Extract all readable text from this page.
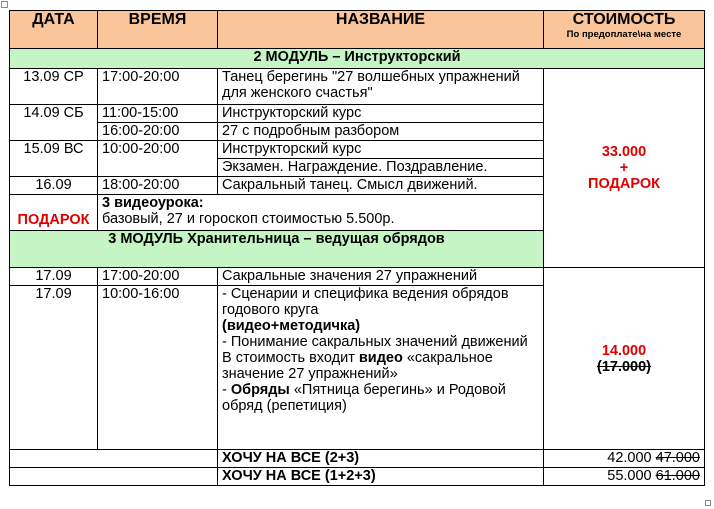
ДАТА	ВРЕМЯ	НАЗВАНИЕ	СТОИМОСТЬ
По предоплате\на месте

2 МОДУЛЬ – Инструкторский			
13.09 СР	17:00-20:00	Танец берегинь "27 волшебных упражнений для женского счастья"	33.000
+
ПОДАРОК

14.09 СБ	11:00-15:00	Инструкторский курс	
	16:00-20:00	27 с подробным разбором	
15.09 ВС	10:00-20:00	Инструкторский курс	
		Экзамен. Награждение. Поздравление.	
16.09	18:00-20:00	Сакральный танец. Смысл движений.	
ПОДАРОК	3 видеоурока:
базовый, 27 и гороскоп стоимостью 5.500р.		

3 МОДУЛЬ Хранительница – ведущая обрядов			
17.09	17:00-20:00	Сакральные значения 27 упражнений	14.000
(17.000)

17.09	10:00-16:00	- Сценарии и специфика ведения обрядов годового круга
(видео+методичка)
- Понимание сакральных значений движений
В стоимость входит видео «сакральное значение 27 упражнений»
- Обряды «Пятница берегинь» и Родовой обряд (репетиция)	

		ХОЧУ НА ВСЕ (2+3)	42.000 47.000
		ХОЧУ НА ВСЕ (1+2+3)	55.000 61.000
